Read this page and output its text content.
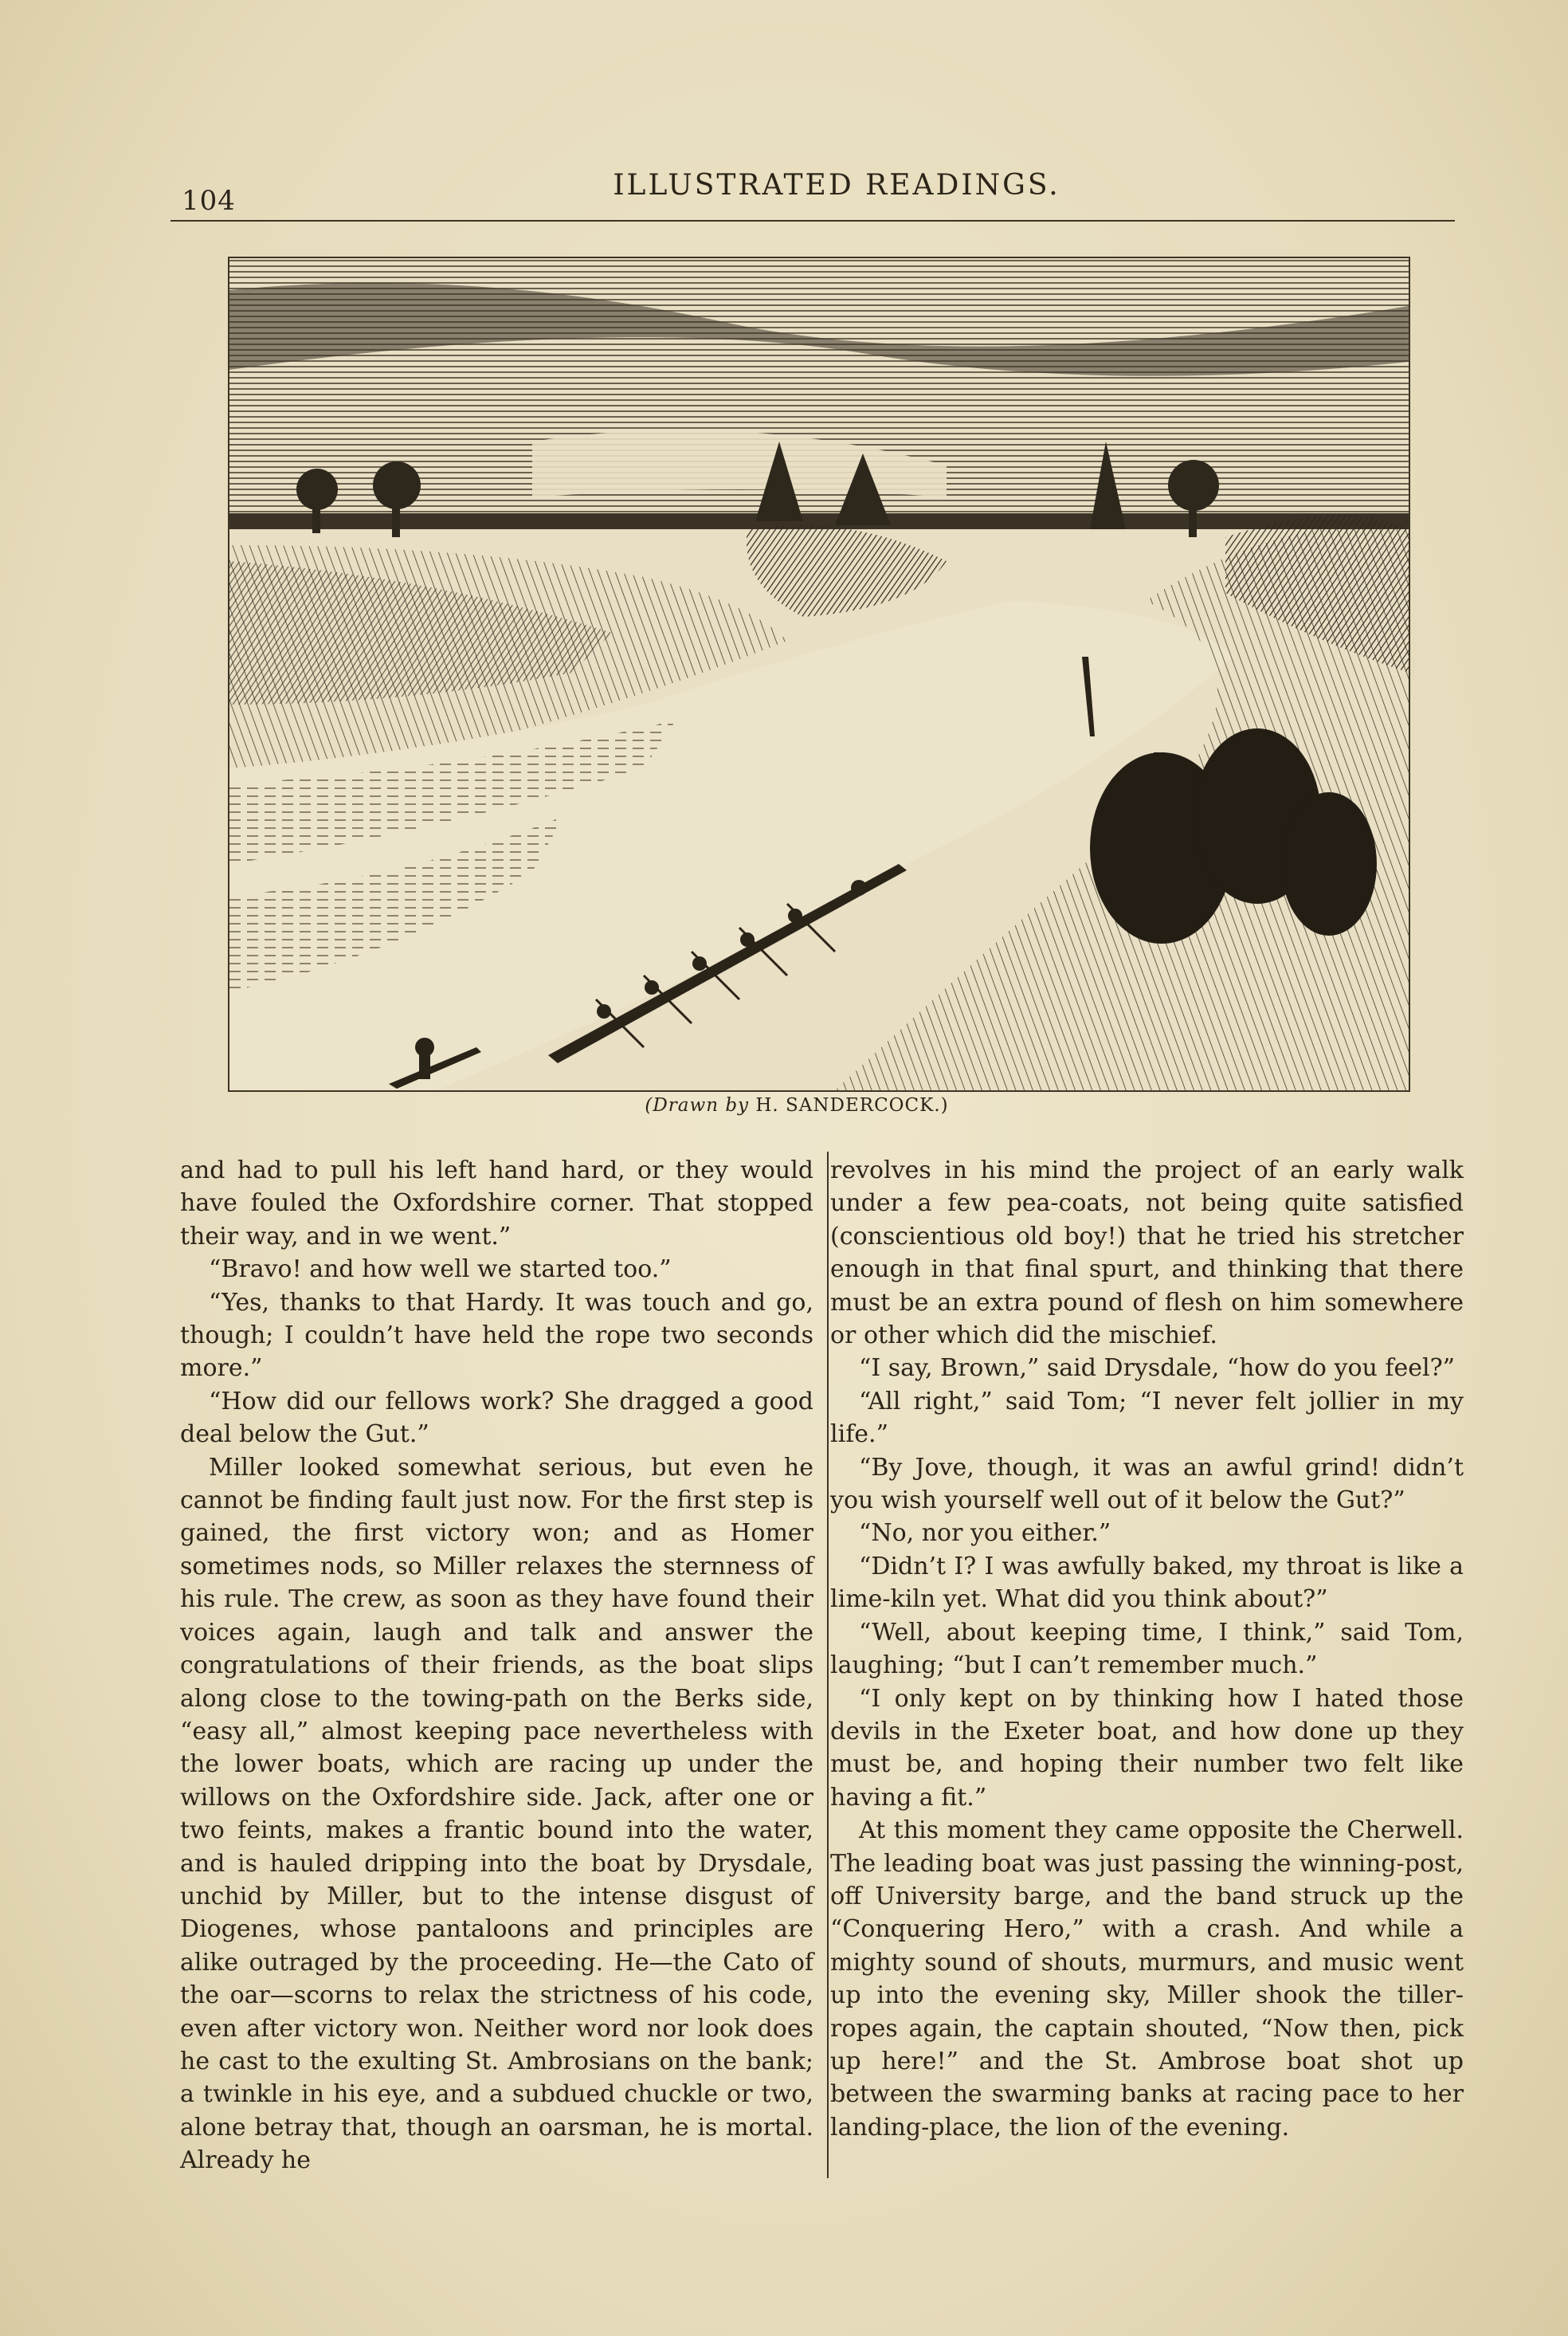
104	ILLUSTRATED READINGS.
(Drawn by H. SANDERCOCK.)

and had to pull his left hand hard, or they would have fouled the Oxfordshire corner. That stopped their way, and in we went.”

“Bravo! and how well we started too.”

“Yes, thanks to that Hardy. It was touch and go, though; I couldn’t have held the rope two seconds more.”

“How did our fellows work? She dragged a good deal below the Gut.”

Miller looked somewhat serious, but even he cannot be finding fault just now. For the first step is gained, the first victory won; and as Homer sometimes nods, so Miller relaxes the sternness of his rule. The crew, as soon as they have found their voices again, laugh and talk and answer the congratulations of their friends, as the boat slips along close to the towing-path on the Berks side, “easy all,” almost keeping pace nevertheless with the lower boats, which are racing up under the willows on the Oxfordshire side. Jack, after one or two feints, makes a frantic bound into the water, and is hauled dripping into the boat by Drysdale, unchid by Miller, but to the intense disgust of Diogenes, whose pantaloons and principles are alike outraged by the proceeding. He—the Cato of the oar—scorns to relax the strictness of his code, even after victory won. Neither word nor look does he cast to the exulting St. Ambrosians on the bank; a twinkle in his eye, and a subdued chuckle or two, alone betray that, though an oarsman, he is mortal. Already he

revolves in his mind the project of an early walk under a few pea-coats, not being quite satisfied (conscientious old boy!) that he tried his stretcher enough in that final spurt, and thinking that there must be an extra pound of flesh on him somewhere or other which did the mischief.

“I say, Brown,” said Drysdale, “how do you feel?”

“All right,” said Tom; “I never felt jollier in my life.”

“By Jove, though, it was an awful grind! didn’t you wish yourself well out of it below the Gut?”

“No, nor you either.”

“Didn’t I? I was awfully baked, my throat is like a lime-kiln yet. What did you think about?”

“Well, about keeping time, I think,” said Tom, laughing; “but I can’t remember much.”

“I only kept on by thinking how I hated those devils in the Exeter boat, and how done up they must be, and hoping their number two felt like having a fit.”

At this moment they came opposite the Cherwell. The leading boat was just passing the winning-post, off University barge, and the band struck up the “Conquering Hero,” with a crash. And while a mighty sound of shouts, murmurs, and music went up into the evening sky, Miller shook the tiller-ropes again, the captain shouted, “Now then, pick up here!” and the St. Ambrose boat shot up between the swarming banks at racing pace to her landing-place, the lion of the evening.
